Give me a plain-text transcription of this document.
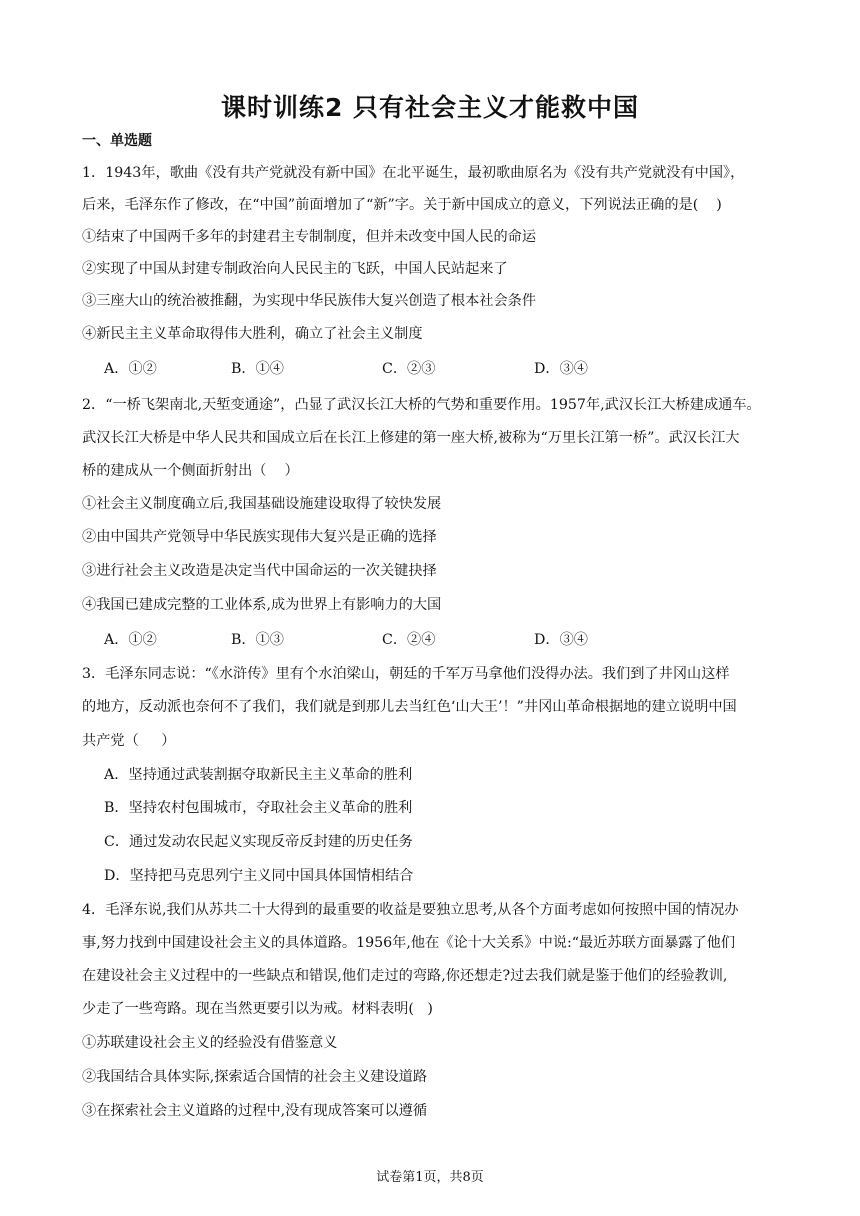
课时训练2 只有社会主义才能救中国
一、单选题
1．1943年，歌曲《没有共产党就没有新中国》在北平诞生，最初歌曲原名为《没有共产党就没有中国》，
后来，毛泽东作了修改，在“中国”前面增加了“新”字。关于新中国成立的意义，下列说法正确的是(    )
①结束了中国两千多年的封建君主专制制度，但并未改变中国人民的命运
②实现了中国从封建专制政治向人民民主的飞跃，中国人民站起来了
③三座大山的统治被推翻，为实现中华民族伟大复兴创造了根本社会条件
④新民主主义革命取得伟大胜利，确立了社会主义制度
A．①②	B．①④	C．②③	D．③④
2．“一桥飞架南北,天堑变通途”，凸显了武汉长江大桥的气势和重要作用。1957年,武汉长江大桥建成通车。
武汉长江大桥是中华人民共和国成立后在长江上修建的第一座大桥,被称为“万里长江第一桥”。武汉长江大
桥的建成从一个侧面折射出（    ）
①社会主义制度确立后,我国基础设施建设取得了较快发展
②由中国共产党领导中华民族实现伟大复兴是正确的选择
③进行社会主义改造是决定当代中国命运的一次关键抉择
④我国已建成完整的工业体系,成为世界上有影响力的大国
A．①②	B．①③	C．②④	D．③④
3．毛泽东同志说：“《水浒传》里有个水泊梁山，朝廷的千军万马拿他们没得办法。我们到了井冈山这样
的地方，反动派也奈何不了我们，我们就是到那儿去当红色‘山大王’！”井冈山革命根据地的建立说明中国
共产党（     ）
A．坚持通过武装割据夺取新民主主义革命的胜利
B．坚持农村包围城市，夺取社会主义革命的胜利
C．通过发动农民起义实现反帝反封建的历史任务
D．坚持把马克思列宁主义同中国具体国情相结合
4．毛泽东说,我们从苏共二十大得到的最重要的收益是要独立思考,从各个方面考虑如何按照中国的情况办
事,努力找到中国建设社会主义的具体道路。1956年,他在《论十大关系》中说:“最近苏联方面暴露了他们
在建设社会主义过程中的一些缺点和错误,他们走过的弯路,你还想走?过去我们就是鉴于他们的经验教训,
少走了一些弯路。现在当然更要引以为戒。材料表明(   )
①苏联建设社会主义的经验没有借鉴意义
②我国结合具体实际,探索适合国情的社会主义建设道路
③在探索社会主义道路的过程中,没有现成答案可以遵循
试卷第1页，共8页
